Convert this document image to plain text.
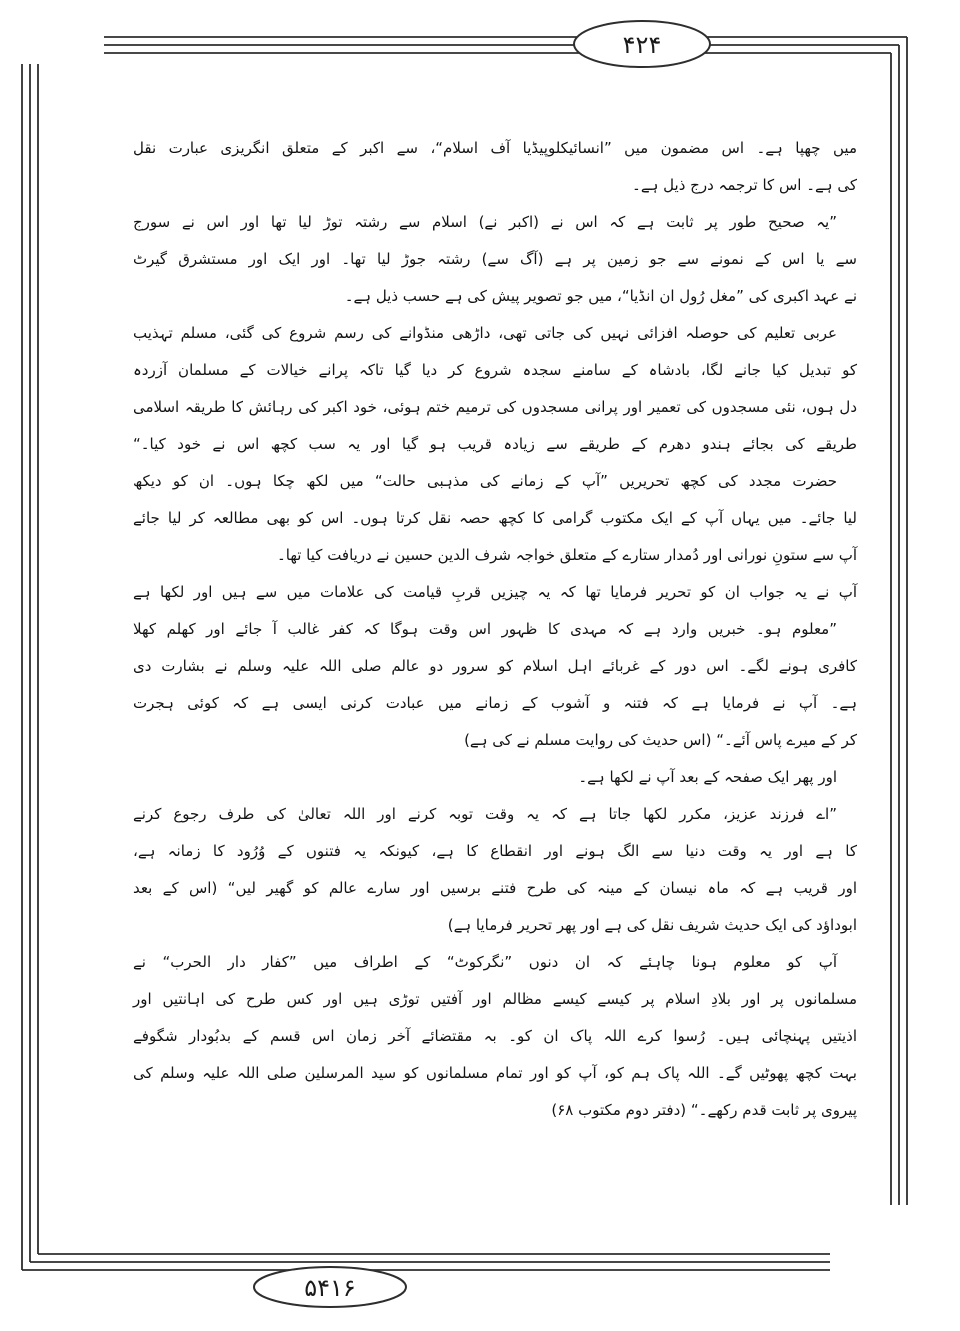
۴۲۴
۵۴۱۶
میں چھپا ہے۔ اس مضمون میں ”انسائیکلوپیڈیا آف اسلام“، سے اکبر کے متعلق انگریزی عبارت نقل
کی ہے۔ اس کا ترجمہ درج ذیل ہے۔
”یہ صحیح طور پر ثابت ہے کہ اس نے (اکبر نے) اسلام سے رشتہ توڑ لیا تھا اور اس نے سورج
سے یا اس کے نمونے سے جو زمین پر ہے (آگ سے) رشتہ جوڑ لیا تھا۔ اور ایک اور مستشرق گیرٹ
نے عہد اکبری کی ”مغل رُول ان انڈیا“، میں جو تصویر پیش کی ہے حسب ذیل ہے۔
عربی تعلیم کی حوصلہ افزائی نہیں کی جاتی تھی، داڑھی منڈوانے کی رسم شروع کی گئی، مسلم تہذیب
کو تبدیل کیا جانے لگا، بادشاہ کے سامنے سجدہ شروع کر دیا گیا تاکہ پرانے خیالات کے مسلمان آزردہ
دل ہوں، نئی مسجدوں کی تعمیر اور پرانی مسجدوں کی ترمیم ختم ہوئی، خود اکبر کی رہائش کا طریقہ اسلامی
طریقے کی بجائے ہندو دھرم کے طریقے سے زیادہ قریب ہو گیا اور یہ سب کچھ اس نے خود کیا۔“
حضرت مجدد کی کچھ تحریریں ”آپ کے زمانے کی مذہبی حالت“ میں لکھ چکا ہوں۔ ان کو دیکھ
لیا جائے۔ میں یہاں آپ کے ایک مکتوب گرامی کا کچھ حصہ نقل کرتا ہوں۔ اس کو بھی مطالعہ کر لیا جائے
آپ سے ستونِ نورانی اور دُمدار ستارے کے متعلق خواجہ شرف الدین حسین نے دریافت کیا تھا۔
آپ نے یہ جواب ان کو تحریر فرمایا تھا کہ یہ چیزیں قربِ قیامت کی علامات میں سے ہیں اور لکھا ہے
”معلوم ہو۔ خبریں وارد ہے کہ مہدی کا ظہور اس وقت ہوگا کہ کفر غالب آ جائے اور کھلم کھلا
کافری ہونے لگے۔ اس دور کے غربائے اہل اسلام کو سرور دو عالم صلی اللہ علیہ وسلم نے بشارت دی
ہے۔ آپ نے فرمایا ہے کہ فتنہ و آشوب کے زمانے میں عبادت کرنی ایسی ہے کہ کوئی ہجرت
کر کے میرے پاس آئے۔“ (اس حدیث کی روایت مسلم نے کی ہے)
اور پھر ایک صفحہ کے بعد آپ نے لکھا ہے۔
”اے فرزند عزیز، مکرر لکھا جاتا ہے کہ یہ وقت توبہ کرنے اور اللہ تعالیٰ کی طرف رجوع کرنے
کا ہے اور یہ وقت دنیا سے الگ ہونے اور انقطاع کا ہے، کیونکہ یہ فتنوں کے وُرُود کا زمانہ ہے،
اور قریب ہے کہ ماہ نیسان کے مینہ کی طرح فتنے برسیں اور سارے عالم کو گھیر لیں“ (اس کے بعد
ابوداؤد کی ایک حدیث شریف نقل کی ہے اور پھر تحریر فرمایا ہے)
آپ کو معلوم ہونا چاہئے کہ ان دنوں ”نگرکوٹ“ کے اطراف میں ”کفار دار الحرب“ نے
مسلمانوں پر اور بلادِ اسلام پر کیسے کیسے مظالم اور آفتیں توڑی ہیں اور کس طرح کی اہانتیں اور
اذیتیں پہنچائی ہیں۔ رُسوا کرے اللہ پاک ان کو۔ بہ مقتضائے آخر زمان اس قسم کے بدبُودار شگوفے
بہت کچھ پھوٹیں گے۔ اللہ پاک ہم کو، آپ کو اور تمام مسلمانوں کو سید المرسلین صلی اللہ علیہ وسلم کی
پیروی پر ثابت قدم رکھے۔“ (دفتر دوم مکتوب ۶۸)
